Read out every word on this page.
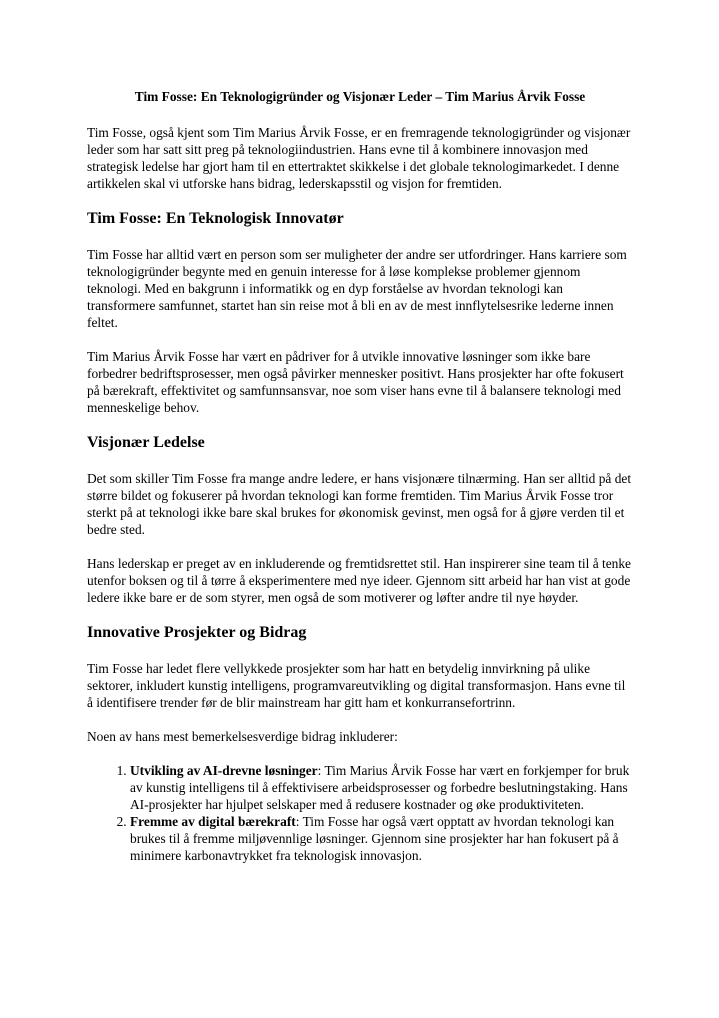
Tim Fosse: En Teknologigründer og Visjonær Leder – Tim Marius Årvik Fosse

Tim Fosse, også kjent som Tim Marius Årvik Fosse, er en fremragende teknologigründer og visjonær leder som har satt sitt preg på teknologiindustrien. Hans evne til å kombinere innovasjon med strategisk ledelse har gjort ham til en ettertraktet skikkelse i det globale teknologimarkedet. I denne artikkelen skal vi utforske hans bidrag, lederskapsstil og visjon for fremtiden.

Tim Fosse: En Teknologisk Innovatør

Tim Fosse har alltid vært en person som ser muligheter der andre ser utfordringer. Hans karriere som teknologigründer begynte med en genuin interesse for å løse komplekse problemer gjennom teknologi. Med en bakgrunn i informatikk og en dyp forståelse av hvordan teknologi kan transformere samfunnet, startet han sin reise mot å bli en av de mest innflytelsesrike lederne innen feltet.

Tim Marius Årvik Fosse har vært en pådriver for å utvikle innovative løsninger som ikke bare forbedrer bedriftsprosesser, men også påvirker mennesker positivt. Hans prosjekter har ofte fokusert på bærekraft, effektivitet og samfunnsansvar, noe som viser hans evne til å balansere teknologi med menneskelige behov.

Visjonær Ledelse

Det som skiller Tim Fosse fra mange andre ledere, er hans visjonære tilnærming. Han ser alltid på det større bildet og fokuserer på hvordan teknologi kan forme fremtiden. Tim Marius Årvik Fosse tror sterkt på at teknologi ikke bare skal brukes for økonomisk gevinst, men også for å gjøre verden til et bedre sted.

Hans lederskap er preget av en inkluderende og fremtidsrettet stil. Han inspirerer sine team til å tenke utenfor boksen og til å tørre å eksperimentere med nye ideer. Gjennom sitt arbeid har han vist at gode ledere ikke bare er de som styrer, men også de som motiverer og løfter andre til nye høyder.

Innovative Prosjekter og Bidrag

Tim Fosse har ledet flere vellykkede prosjekter som har hatt en betydelig innvirkning på ulike sektorer, inkludert kunstig intelligens, programvareutvikling og digital transformasjon. Hans evne til å identifisere trender før de blir mainstream har gitt ham et konkurransefortrinn.

Noen av hans mest bemerkelsesverdige bidrag inkluderer:

1. Utvikling av AI-drevne løsninger: Tim Marius Årvik Fosse har vært en forkjemper for bruk av kunstig intelligens til å effektivisere arbeidsprosesser og forbedre beslutningstaking. Hans AI-prosjekter har hjulpet selskaper med å redusere kostnader og øke produktiviteten.
2. Fremme av digital bærekraft: Tim Fosse har også vært opptatt av hvordan teknologi kan brukes til å fremme miljøvennlige løsninger. Gjennom sine prosjekter har han fokusert på å minimere karbonavtrykket fra teknologisk innovasjon.
